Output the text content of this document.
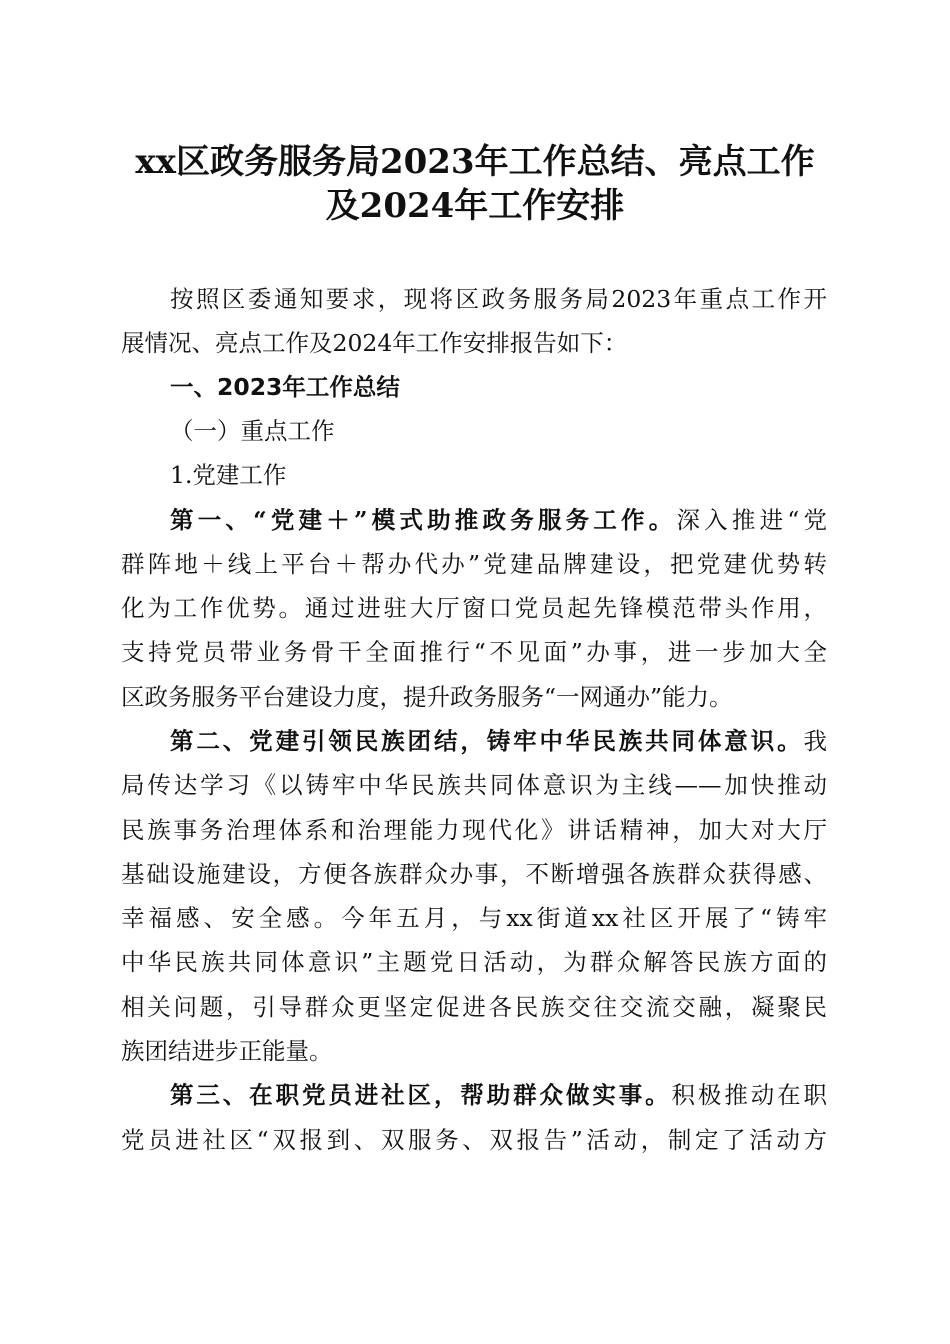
xx区政务服务局2023年工作总结、亮点工作
及2024年工作安排
按照区委通知要求，现将区政务服务局2023年重点工作开
展情况、亮点工作及2024年工作安排报告如下：
一、2023年工作总结
（一）重点工作
1.党建工作
第一、“党建＋”模式助推政务服务工作。深入推进“党
群阵地＋线上平台＋帮办代办”党建品牌建设，把党建优势转
化为工作优势。通过进驻大厅窗口党员起先锋模范带头作用，
支持党员带业务骨干全面推行“不见面”办事，进一步加大全
区政务服务平台建设力度，提升政务服务“一网通办”能力。
第二、党建引领民族团结，铸牢中华民族共同体意识。我
局传达学习《以铸牢中华民族共同体意识为主线——加快推动
民族事务治理体系和治理能力现代化》讲话精神，加大对大厅
基础设施建设，方便各族群众办事，不断增强各族群众获得感、
幸福感、安全感。今年五月，与xx街道xx社区开展了“铸牢
中华民族共同体意识”主题党日活动，为群众解答民族方面的
相关问题，引导群众更坚定促进各民族交往交流交融，凝聚民
族团结进步正能量。
第三、在职党员进社区，帮助群众做实事。积极推动在职
党员进社区“双报到、双服务、双报告”活动，制定了活动方
